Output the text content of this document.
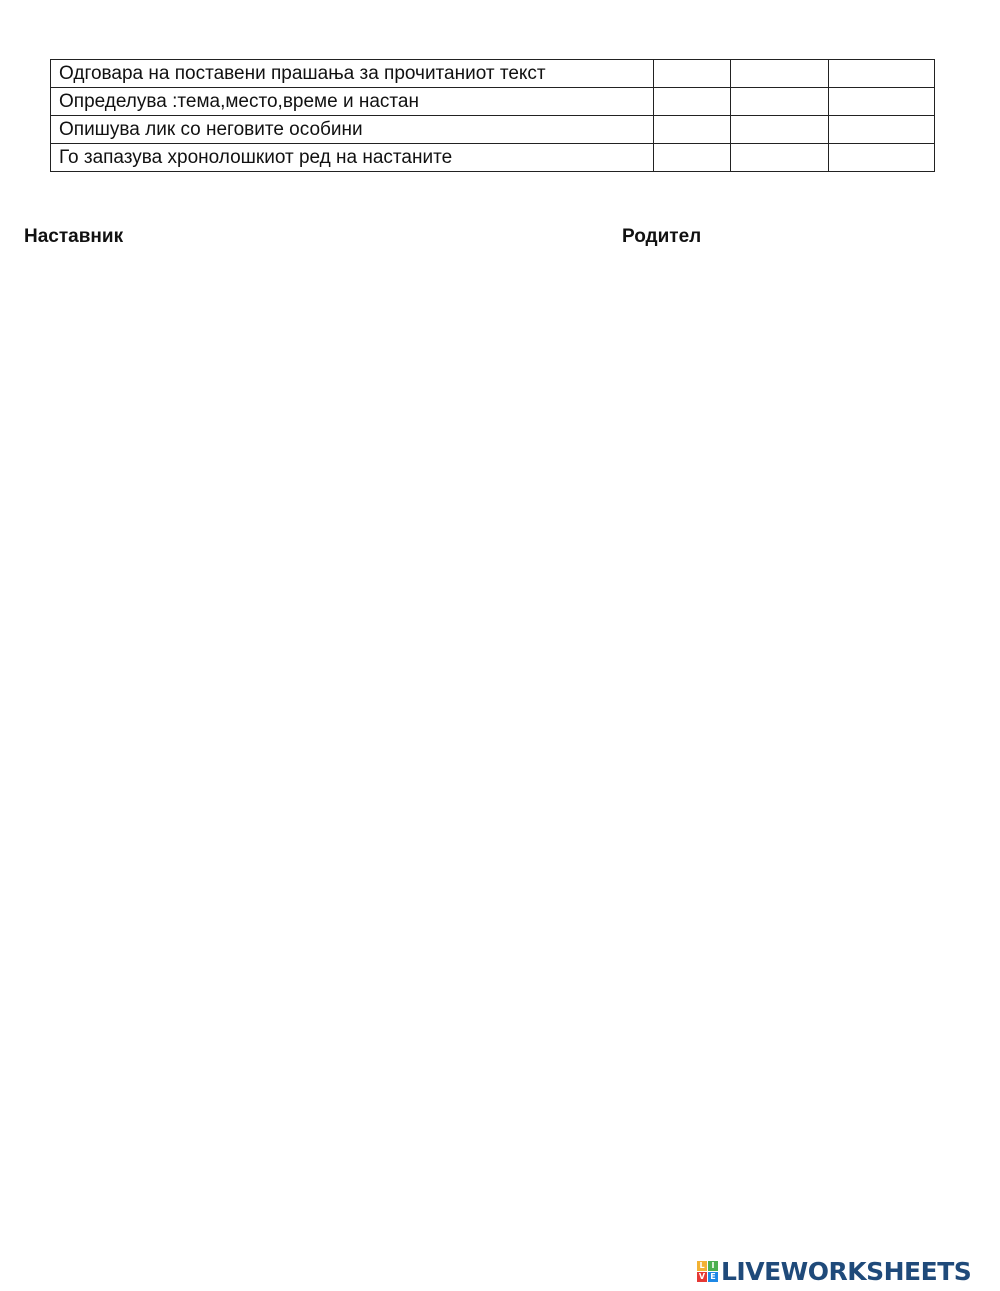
Одговара на поставени прашања за прочитаниот текст			
Определува :тема,место,време и настан			
Опишува лик со неговите особини			
Го запазува хронолошкиот ред на настаните			
Наставник	Родител
L I
V E LIVEWORKSHEETS
